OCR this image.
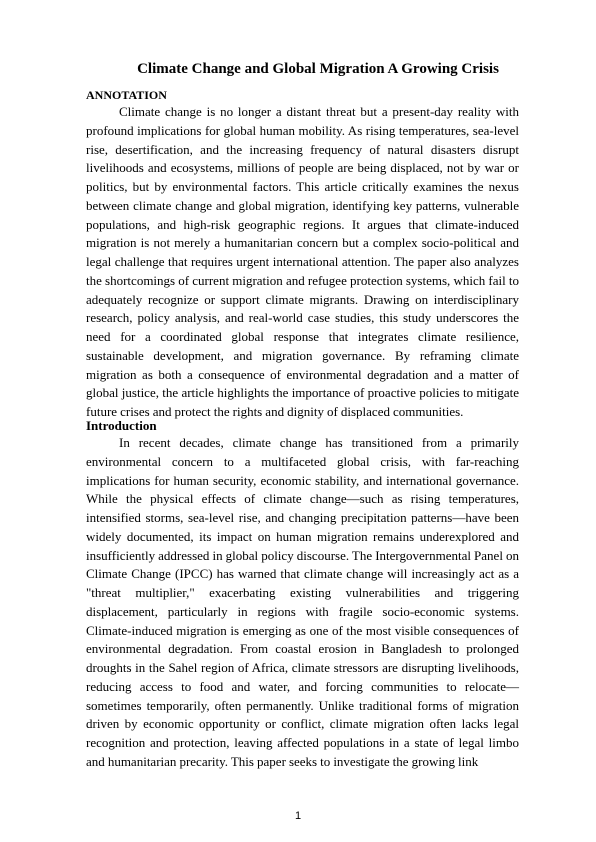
Climate Change and Global Migration A Growing Crisis
ANNOTATION

Climate change is no longer a distant threat but a present-day reality with profound implications for global human mobility. As rising temperatures, sea-level rise, desertification, and the increasing frequency of natural disasters disrupt livelihoods and ecosystems, millions of people are being displaced, not by war or politics, but by environmental factors. This article critically examines the nexus between climate change and global migration, identifying key patterns, vulnerable populations, and high-risk geographic regions. It argues that climate-induced migration is not merely a humanitarian concern but a complex socio-political and legal challenge that requires urgent international attention. The paper also analyzes the shortcomings of current migration and refugee protection systems, which fail to adequately recognize or support climate migrants. Drawing on interdisciplinary research, policy analysis, and real-world case studies, this study underscores the need for a coordinated global response that integrates climate resilience, sustainable development, and migration governance. By reframing climate migration as both a consequence of environmental degradation and a matter of global justice, the article highlights the importance of proactive policies to mitigate future crises and protect the rights and dignity of displaced communities.

Introduction

In recent decades, climate change has transitioned from a primarily environmental concern to a multifaceted global crisis, with far-reaching implications for human security, economic stability, and international governance. While the physical effects of climate change—such as rising temperatures, intensified storms, sea-level rise, and changing precipitation patterns—have been widely documented, its impact on human migration remains underexplored and insufficiently addressed in global policy discourse. The Intergovernmental Panel on Climate Change (IPCC) has warned that climate change will increasingly act as a "threat multiplier," exacerbating existing vulnerabilities and triggering displacement, particularly in regions with fragile socio-economic systems. Climate-induced migration is emerging as one of the most visible consequences of environmental degradation. From coastal erosion in Bangladesh to prolonged droughts in the Sahel region of Africa, climate stressors are disrupting livelihoods, reducing access to food and water, and forcing communities to relocate—sometimes temporarily, often permanently. Unlike traditional forms of migration driven by economic opportunity or conflict, climate migration often lacks legal recognition and protection, leaving affected populations in a state of legal limbo and humanitarian precarity. This paper seeks to investigate the growing link

1
